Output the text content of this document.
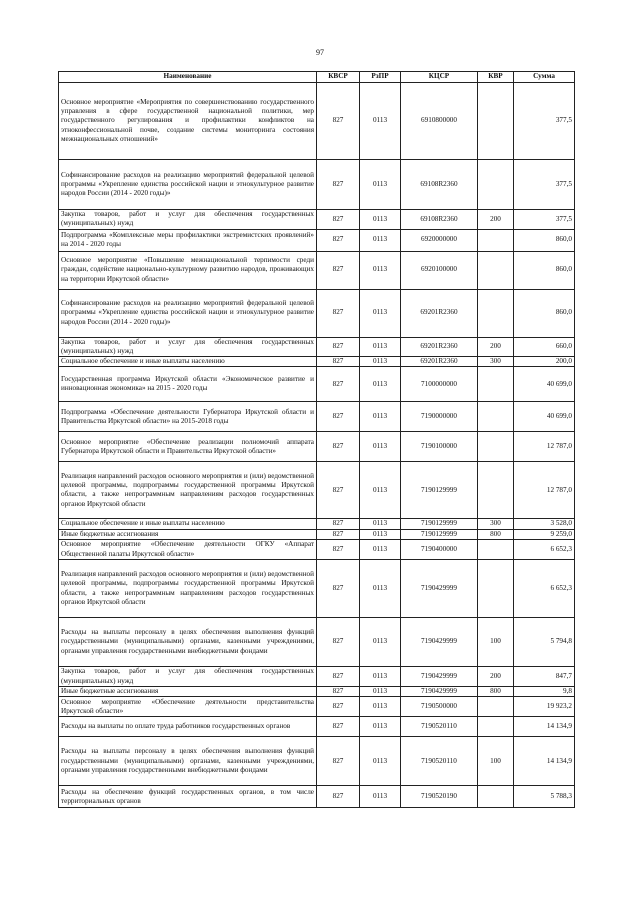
97
Наименование	КВСР	РзПР	КЦСР	КВР	Сумма
Основное мероприятие «Мероприятия по совершенствованию государственного управления в сфере государственной национальной политики, мер государственного регулирования и профилактики конфликтов на этноконфессиональной почве, создание системы мониторинга состояния межнациональных отношений»	827	0113	6910800000		377,5
Софинансирование расходов на реализацию мероприятий федеральной целевой программы «Укрепление единства российской нации и этнокультурное развитие народов России (2014 - 2020 годы)»	827	0113	69108R2360		377,5
Закупка товаров, работ и услуг для обеспечения государственных (муниципальных) нужд	827	0113	69108R2360	200	377,5
Подпрограмма «Комплексные меры профилактики экстремистских проявлений» на 2014 - 2020 годы	827	0113	6920000000		860,0
Основное мероприятие «Повышение межнациональной терпимости среди граждан, содействие национально-культурному развитию народов, проживающих на территории Иркутской области»	827	0113	6920100000		860,0
Софинансирование расходов на реализацию мероприятий федеральной целевой программы «Укрепление единства российской нации и этнокультурное развитие народов России (2014 - 2020 годы)»	827	0113	69201R2360		860,0
Закупка товаров, работ и услуг для обеспечения государственных (муниципальных) нужд	827	0113	69201R2360	200	660,0
Социальное обеспечение и иные выплаты населению	827	0113	69201R2360	300	200,0
Государственная программа Иркутской области «Экономическое развитие и инновационная экономика» на 2015 - 2020 годы	827	0113	7100000000		40 699,0
Подпрограмма «Обеспечение деятельности Губернатора Иркутской области и Правительства Иркутской области» на 2015-2018 годы	827	0113	7190000000		40 699,0
Основное мероприятие «Обеспечение реализации полномочий аппарата Губернатора Иркутской области и Правительства Иркутской области»	827	0113	7190100000		12 787,0
Реализация направлений расходов основного мероприятия и (или) ведомственной целевой программы, подпрограммы государственной программы Иркутской области, а также непрограммным направлениям расходов государственных органов Иркутской области	827	0113	7190129999		12 787,0
Социальное обеспечение и иные выплаты населению	827	0113	7190129999	300	3 528,0
Иные бюджетные ассигнования	827	0113	7190129999	800	9 259,0
Основное мероприятие «Обеспечение деятельности ОГКУ «Аппарат Общественной палаты Иркутской области»	827	0113	7190400000		6 652,3
Реализация направлений расходов основного мероприятия и (или) ведомственной целевой программы, подпрограммы государственной программы Иркутской области, а также непрограммным направлениям расходов государственных органов Иркутской области	827	0113	7190429999		6 652,3
Расходы на выплаты персоналу в целях обеспечения выполнения функций государственными (муниципальными) органами, казенными учреждениями, органами управления государственными внебюджетными фондами	827	0113	7190429999	100	5 794,8
Закупка товаров, работ и услуг для обеспечения государственных (муниципальных) нужд	827	0113	7190429999	200	847,7
Иные бюджетные ассигнования	827	0113	7190429999	800	9,8
Основное мероприятие «Обеспечение деятельности представительства Иркутской области»	827	0113	7190500000		19 923,2
Расходы на выплаты по оплате труда работников государственных органов	827	0113	7190520110		14 134,9
Расходы на выплаты персоналу в целях обеспечения выполнения функций государственными (муниципальными) органами, казенными учреждениями, органами управления государственными внебюджетными фондами	827	0113	7190520110	100	14 134,9
Расходы на обеспечение функций государственных органов, в том числе территориальных органов	827	0113	7190520190		5 788,3
